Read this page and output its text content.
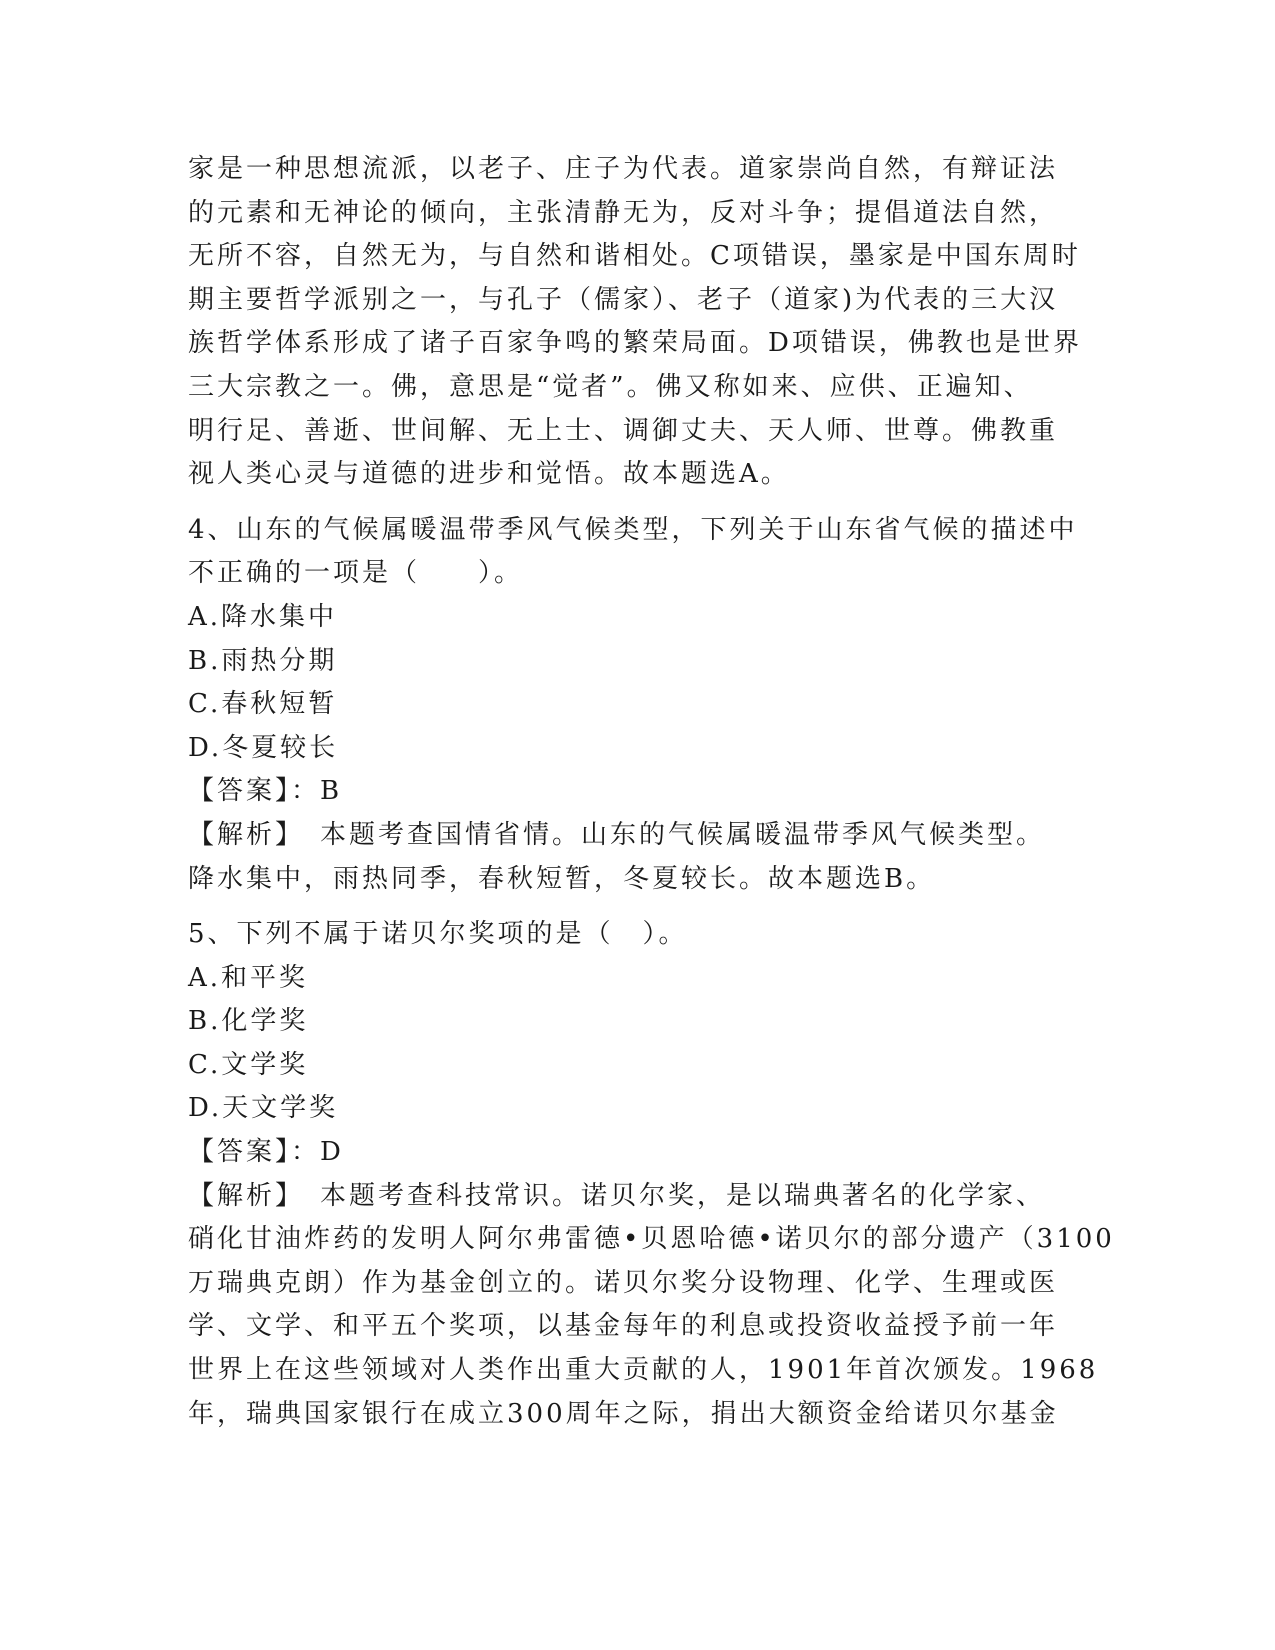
家是一种思想流派，以老子、庄子为代表。道家崇尚自然，有辩证法
的元素和无神论的倾向，主张清静无为，反对斗争；提倡道法自然，
无所不容，自然无为，与自然和谐相处。C项错误，墨家是中国东周时
期主要哲学派别之一，与孔子（儒家）、老子（道家)为代表的三大汉
族哲学体系形成了诸子百家争鸣的繁荣局面。D项错误，佛教也是世界
三大宗教之一。佛，意思是“觉者”。佛又称如来、应供、正遍知、
明行足、善逝、世间解、无上士、调御丈夫、天人师、世尊。佛教重
视人类心灵与道德的进步和觉悟。故本题选A。
4、山东的气候属暖温带季风气候类型，下列关于山东省气候的描述中
不正确的一项是（　　）。
A.降水集中
B.雨热分期
C.春秋短暂
D.冬夏较长
【答案】：B
【解析】　本题考查国情省情。山东的气候属暖温带季风气候类型。
降水集中，雨热同季，春秋短暂，冬夏较长。故本题选B。
5、下列不属于诺贝尔奖项的是（　）。
A.和平奖
B.化学奖
C.文学奖
D.天文学奖
【答案】：D
【解析】　本题考查科技常识。诺贝尔奖，是以瑞典著名的化学家、
硝化甘油炸药的发明人阿尔弗雷德•贝恩哈德•诺贝尔的部分遗产（3100
万瑞典克朗）作为基金创立的。诺贝尔奖分设物理、化学、生理或医
学、文学、和平五个奖项，以基金每年的利息或投资收益授予前一年
世界上在这些领域对人类作出重大贡献的人，1901年首次颁发。1968
年，瑞典国家银行在成立300周年之际，捐出大额资金给诺贝尔基金
